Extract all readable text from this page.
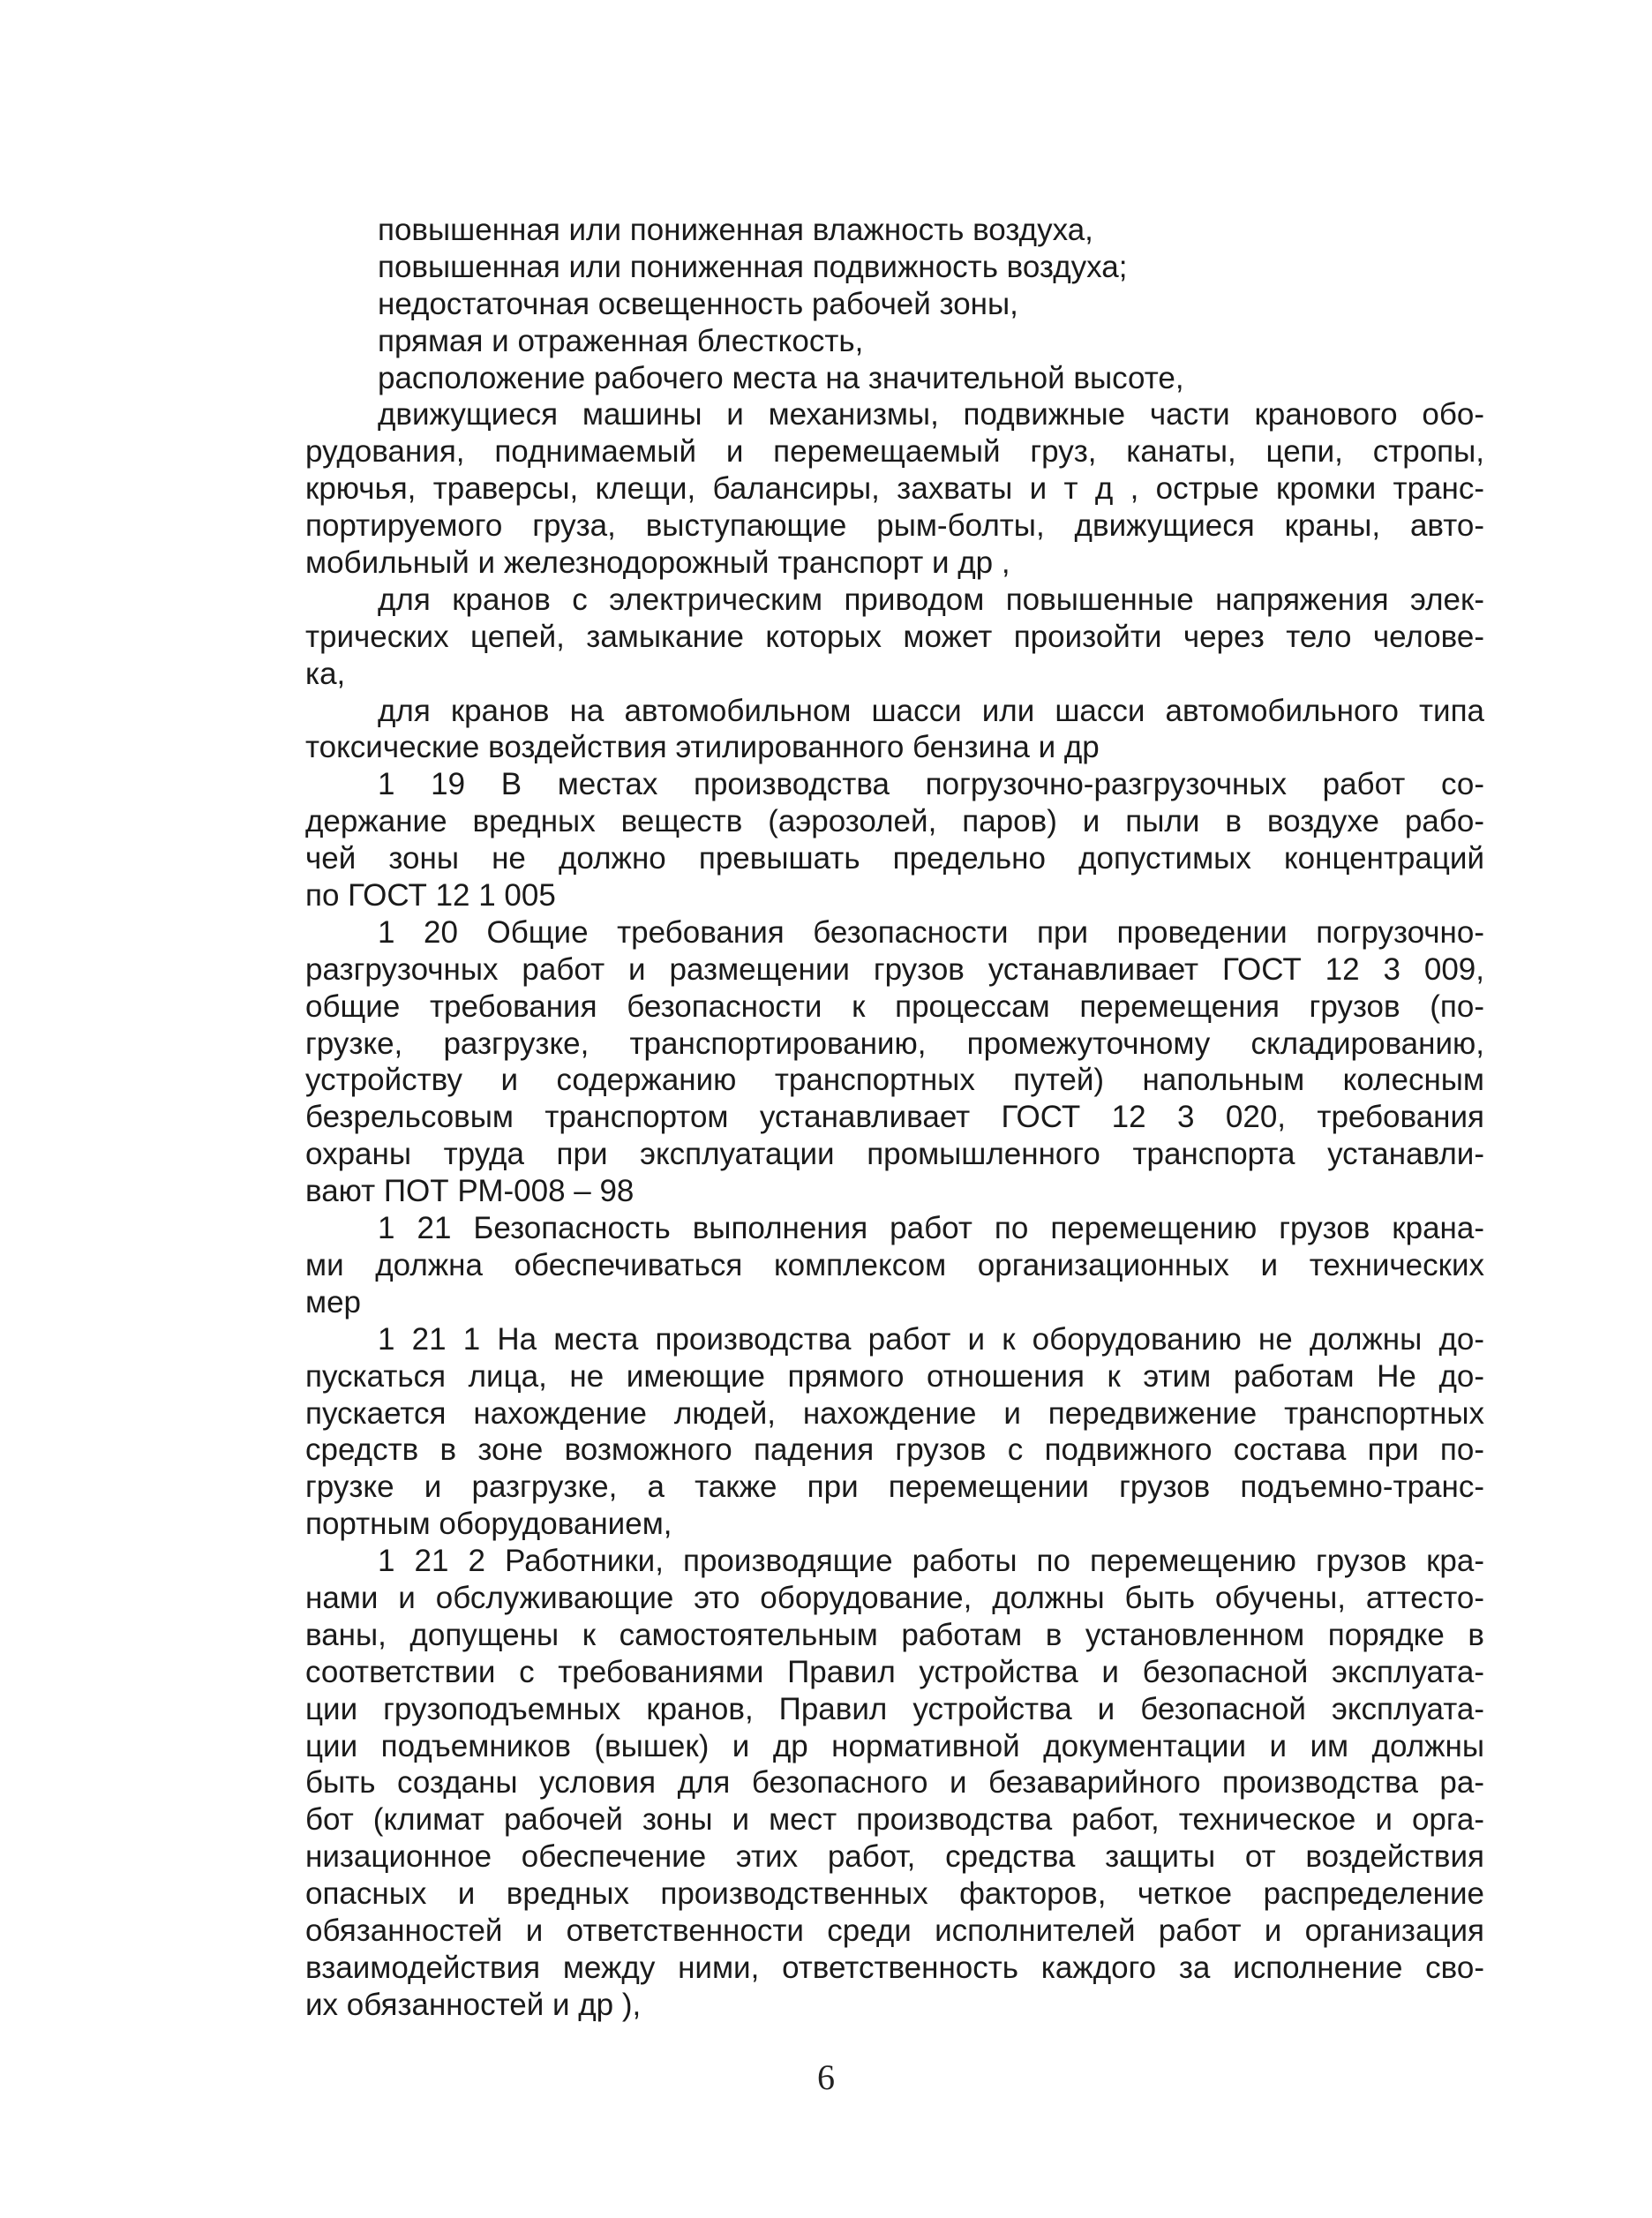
повышенная или пониженная влажность воздуха,
повышенная или пониженная подвижность воздуха;
недостаточная освещенность рабочей зоны,
прямая и отраженная блесткость,
расположение рабочего места на значительной высоте,
движущиеся машины и механизмы, подвижные части кранового обо-
рудования, поднимаемый и перемещаемый груз, канаты, цепи, стропы,
крючья, траверсы, клещи, балансиры, захваты и т д , острые кромки транс-
портируемого груза, выступающие рым-болты, движущиеся краны, авто-
мобильный и железнодорожный транспорт и др ,
для кранов с электрическим приводом повышенные напряжения элек-
трических цепей, замыкание которых может произойти через тело челове-
ка,
для кранов на автомобильном шасси или шасси автомобильного типа
токсические воздействия этилированного бензина и др
1 19 В местах производства погрузочно-разгрузочных работ со-
держание вредных веществ (аэрозолей, паров) и пыли в воздухе рабо-
чей зоны не должно превышать предельно допустимых концентраций
по ГОСТ 12 1 005
1 20 Общие требования безопасности при проведении погрузочно-
разгрузочных работ и размещении грузов устанавливает ГОСТ 12 3 009,
общие требования безопасности к процессам перемещения грузов (по-
грузке, разгрузке, транспортированию, промежуточному складированию,
устройству и содержанию транспортных путей) напольным колесным
безрельсовым транспортом устанавливает ГОСТ 12 3 020, требования
охраны труда при эксплуатации промышленного транспорта устанавли-
вают ПОТ РМ-008 – 98
1 21 Безопасность выполнения работ по перемещению грузов крана-
ми должна обеспечиваться комплексом организационных и технических
мер
1 21 1 На места производства работ и к оборудованию не должны до-
пускаться лица, не имеющие прямого отношения к этим работам Не до-
пускается нахождение людей, нахождение и передвижение транспортных
средств в зоне возможного падения грузов с подвижного состава при по-
грузке и разгрузке, а также при перемещении грузов подъемно-транс-
портным оборудованием,
1 21 2 Работники, производящие работы по перемещению грузов кра-
нами и обслуживающие это оборудование, должны быть обучены, аттесто-
ваны, допущены к самостоятельным работам в установленном порядке в
соответствии с требованиями Правил устройства и безопасной эксплуата-
ции грузоподъемных кранов, Правил устройства и безопасной эксплуата-
ции подъемников (вышек) и др нормативной документации и им должны
быть созданы условия для безопасного и безаварийного производства ра-
бот (климат рабочей зоны и мест производства работ, техническое и орга-
низационное обеспечение этих работ, средства защиты от воздействия
опасных и вредных производственных факторов, четкое распределение
обязанностей и ответственности среди исполнителей работ и организация
взаимодействия между ними, ответственность каждого за исполнение сво-
их обязанностей и др ),
6
